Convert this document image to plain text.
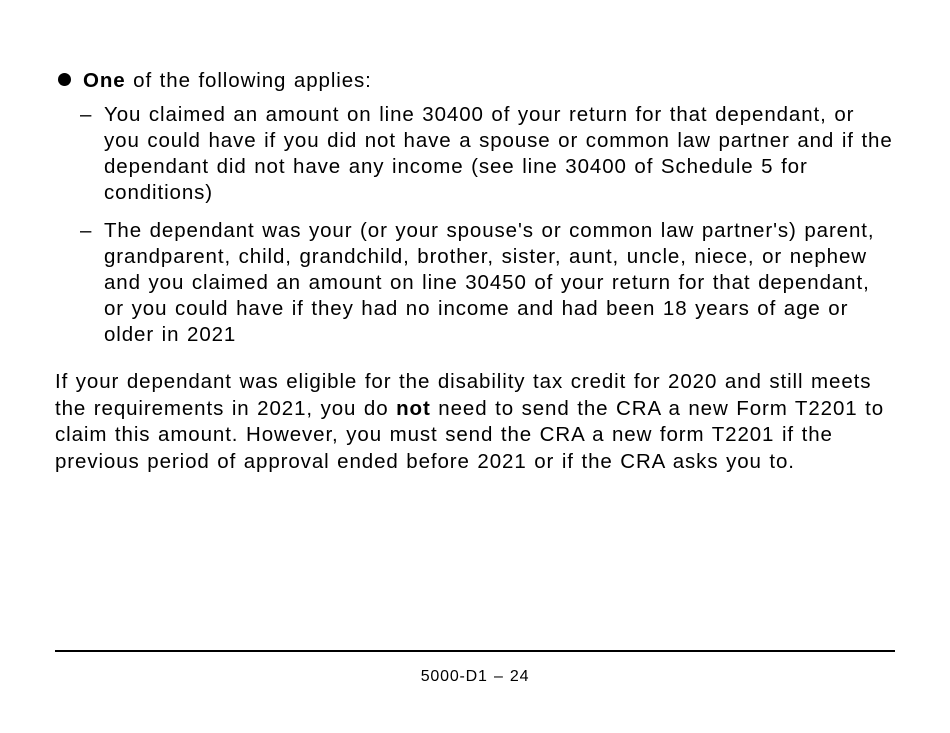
One of the following applies:
– You claimed an amount on line 30400 of your return for that dependant, or you could have if you did not have a spouse or common law partner and if the dependant did not have any income (see line 30400 of Schedule 5 for conditions)
– The dependant was your (or your spouse's or common law partner's) parent, grandparent, child, grandchild, brother, sister, aunt, uncle, niece, or nephew and you claimed an amount on line 30450 of your return for that dependant, or you could have if they had no income and had been 18 years of age or older in 2021

If your dependant was eligible for the disability tax credit for 2020 and still meets the requirements in 2021, you do not need to send the CRA a new Form T2201 to claim this amount. However, you must send the CRA a new form T2201 if the previous period of approval ended before 2021 or if the CRA asks you to.

5000-D1 – 24
